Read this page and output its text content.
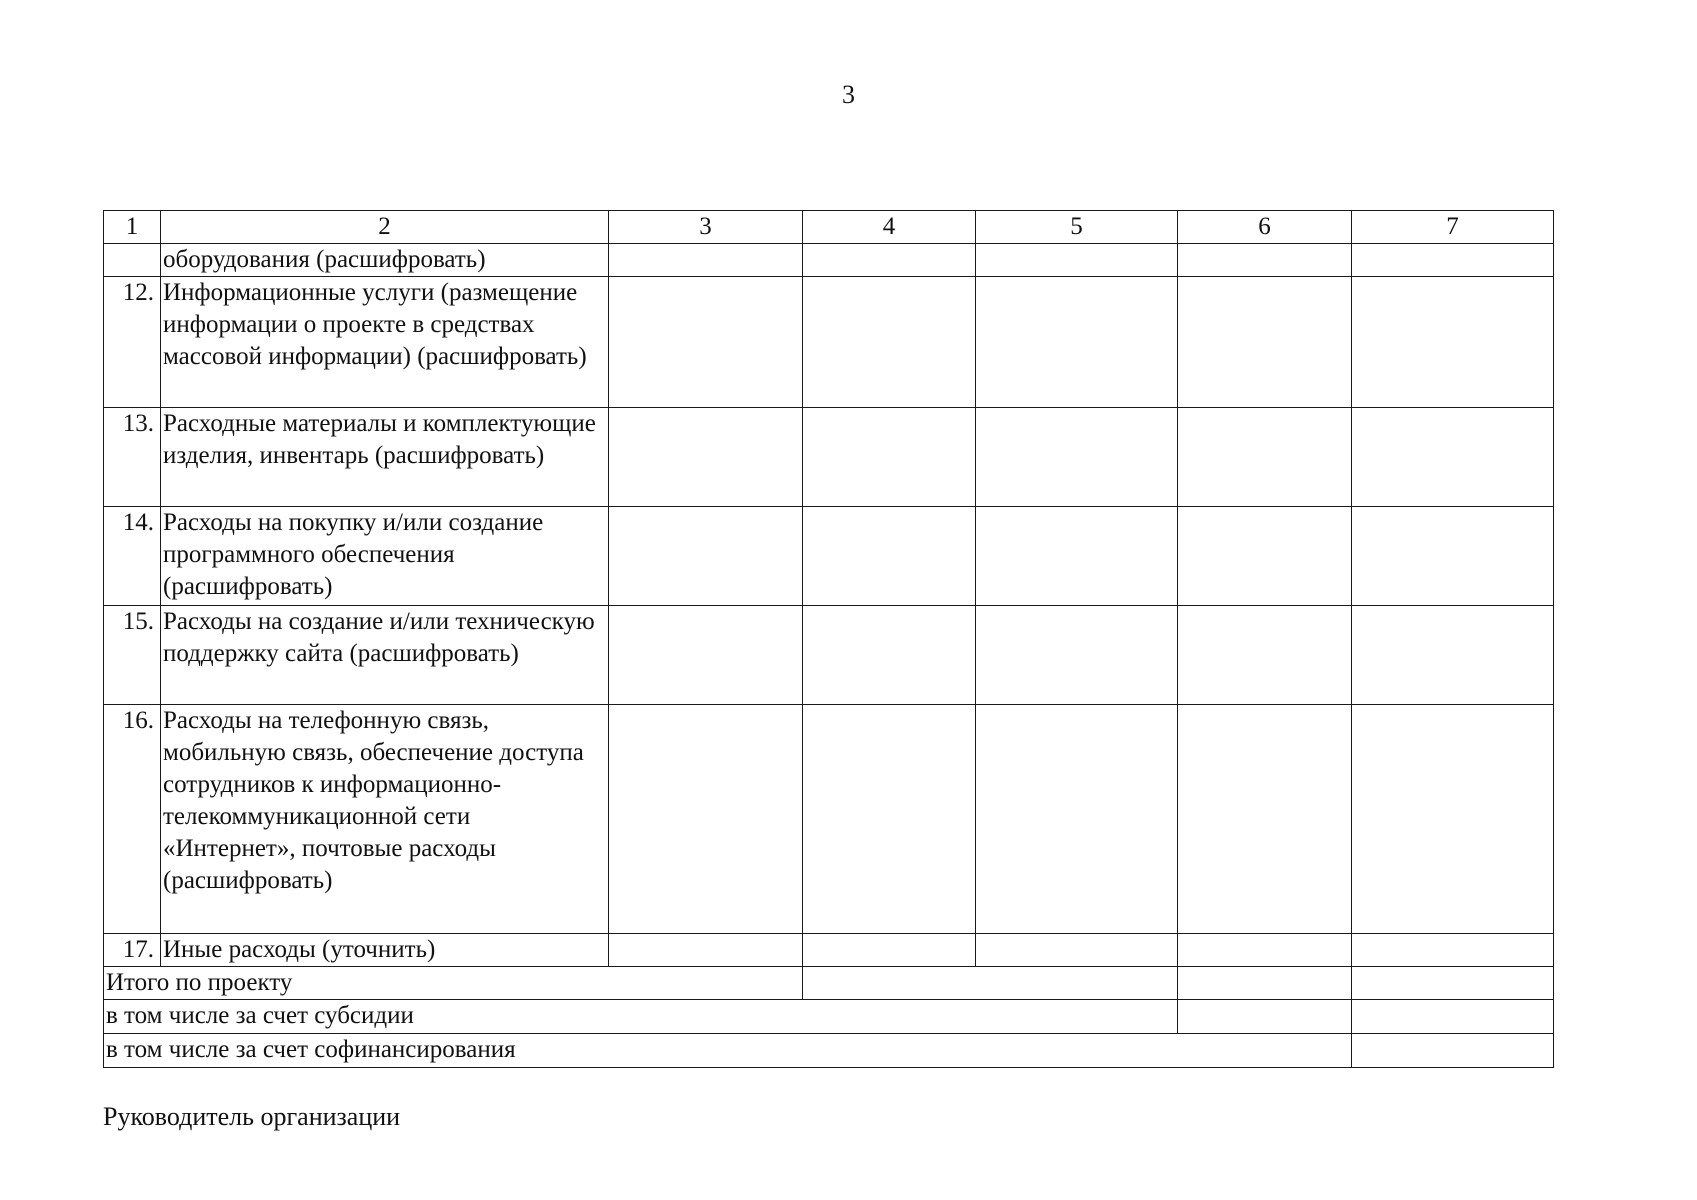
3
1	2	3	4	5	6	7
	оборудования (расшифровать)					
12.	Информационные услуги (размещение информации о проекте в средствах массовой информации) (расшифровать)					
13.	Расходные материалы и комплектующие изделия, инвентарь (расшифровать)					
14.	Расходы на покупку и/или создание программного обеспечения (расшифровать)					
15.	Расходы на создание и/или техническую поддержку сайта (расшифровать)					
16.	Расходы на телефонную связь, мобильную связь, обеспечение доступа сотрудников к информационно-телекоммуникационной сети «Интернет», почтовые расходы (расшифровать)					
17.	Иные расходы (уточнить)					
Итого по проекту						
в том числе за счет субсидии						
в том числе за счет софинансирования						
Руководитель организации
